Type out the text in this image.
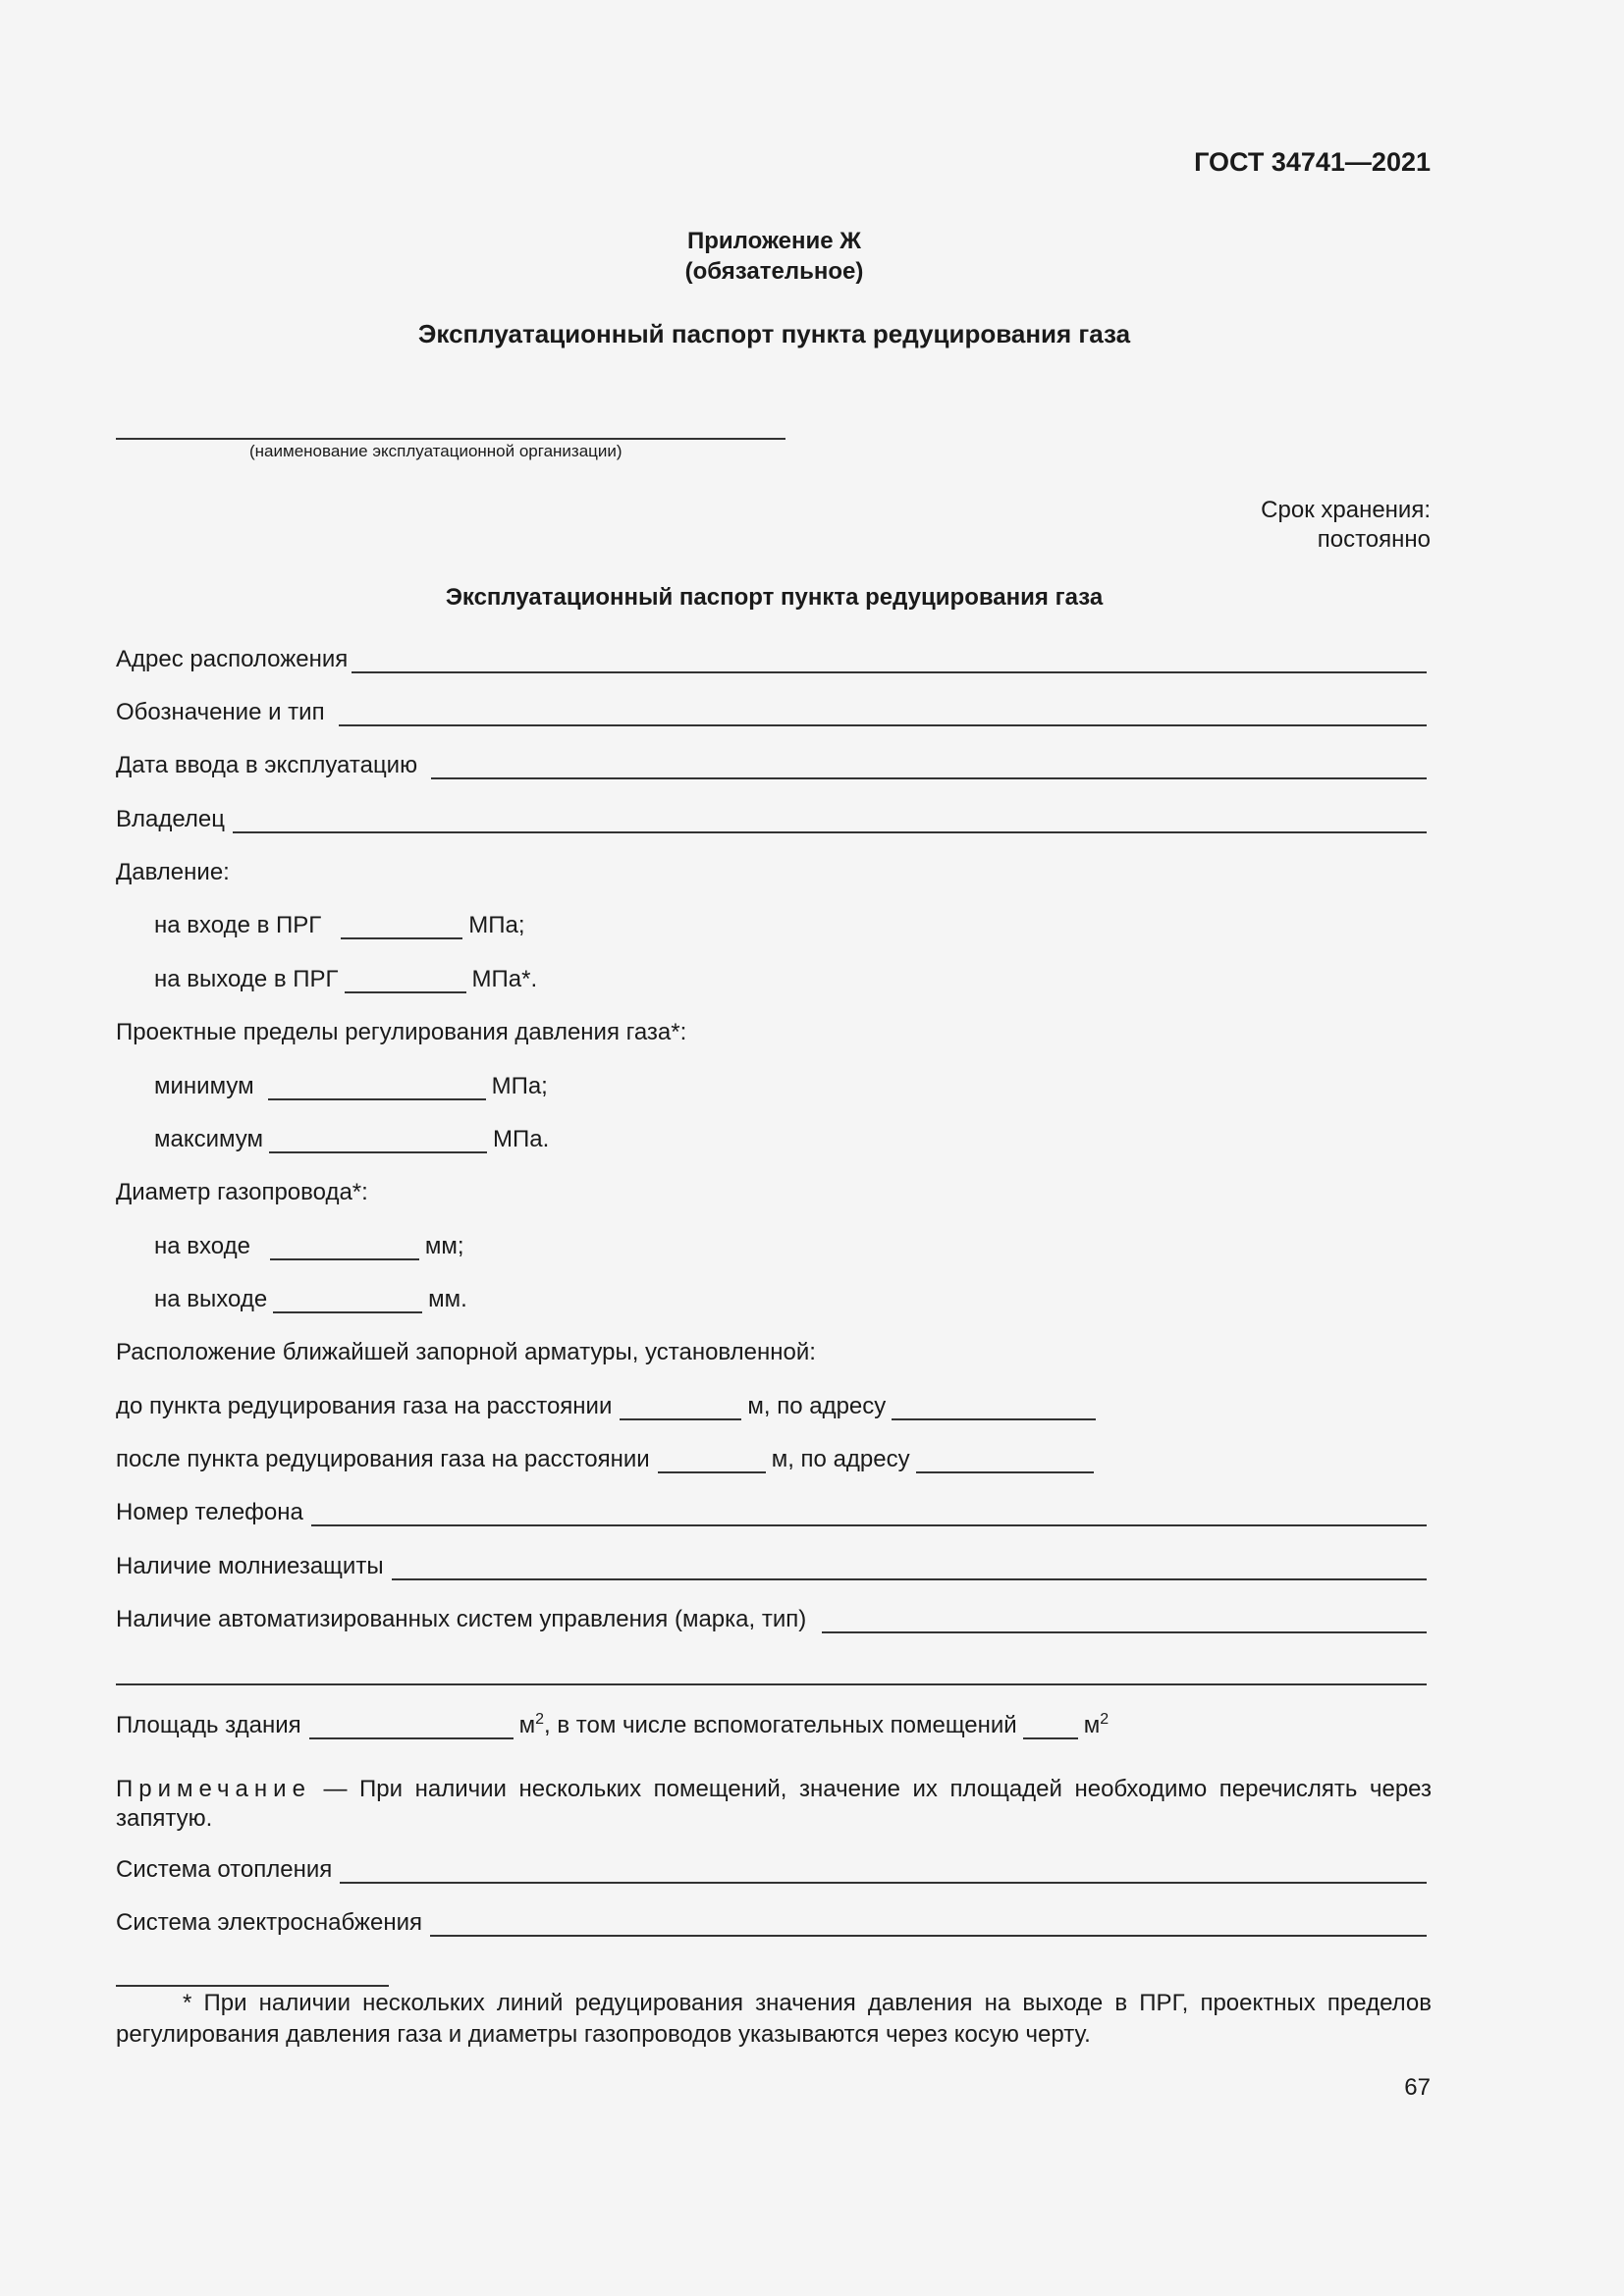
ГОСТ 34741—2021
Приложение Ж
(обязательное)
Эксплуатационный паспорт пункта редуцирования газа
(наименование эксплуатационной организации)
Срок хранения:
постоянно
Эксплуатационный паспорт пункта редуцирования газа
Адрес расположения
Обозначение и тип
Дата ввода в эксплуатацию
Владелец
Давление:
на входе в ПРГ	МПа;
на выходе в ПРГ	МПа*.
Проектные пределы регулирования давления газа*:
минимум	МПа;
максимум	МПа.
Диаметр газопровода*:
на входе	мм;
на выходе	мм.
Расположение ближайшей запорной арматуры, установленной:
до пункта редуцирования газа на расстоянии	м, по адресу
после пункта редуцирования газа на расстоянии	м, по адресу
Номер телефона
Наличие молниезащиты
Наличие автоматизированных систем управления (марка, тип)
Площадь здания	$м^2$, в том числе вспомогательных помещений	$м^2$
Примечание — При наличии нескольких помещений, значение их площадей необходимо перечислять через запятую.
Система отопления
Система электроснабжения
* При наличии нескольких линий редуцирования значения давления на выходе в ПРГ, проектных пределов регулирования давления газа и диаметры газопроводов указываются через косую черту.
67
